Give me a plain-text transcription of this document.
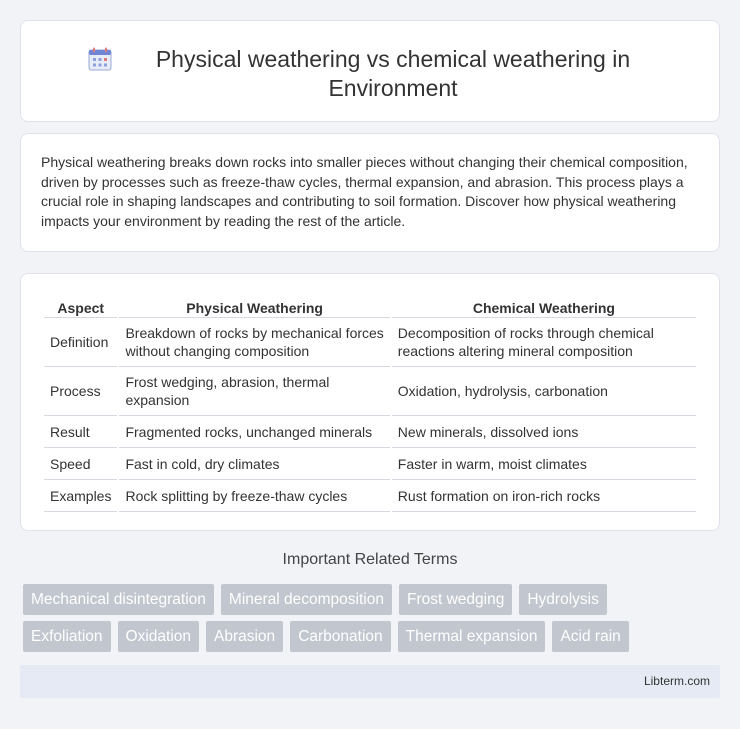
Physical weathering vs chemical weathering in Environment

Physical weathering breaks down rocks into smaller pieces without changing their chemical composition, driven by processes such as freeze-thaw cycles, thermal expansion, and abrasion. This process plays a crucial role in shaping landscapes and contributing to soil formation. Discover how physical weathering impacts your environment by reading the rest of the article.

Aspect	Physical Weathering	Chemical Weathering
Definition	Breakdown of rocks by mechanical forces without changing composition	Decomposition of rocks through chemical reactions altering mineral composition
Process	Frost wedging, abrasion, thermal expansion	Oxidation, hydrolysis, carbonation
Result	Fragmented rocks, unchanged minerals	New minerals, dissolved ions
Speed	Fast in cold, dry climates	Faster in warm, moist climates
Examples	Rock splitting by freeze-thaw cycles	Rust formation on iron-rich rocks
Important Related Terms
Mechanical disintegration	Mineral decomposition	Frost wedging	Hydrolysis
Exfoliation	Oxidation	Abrasion	Carbonation	Thermal expansion	Acid rain
Libterm.com
